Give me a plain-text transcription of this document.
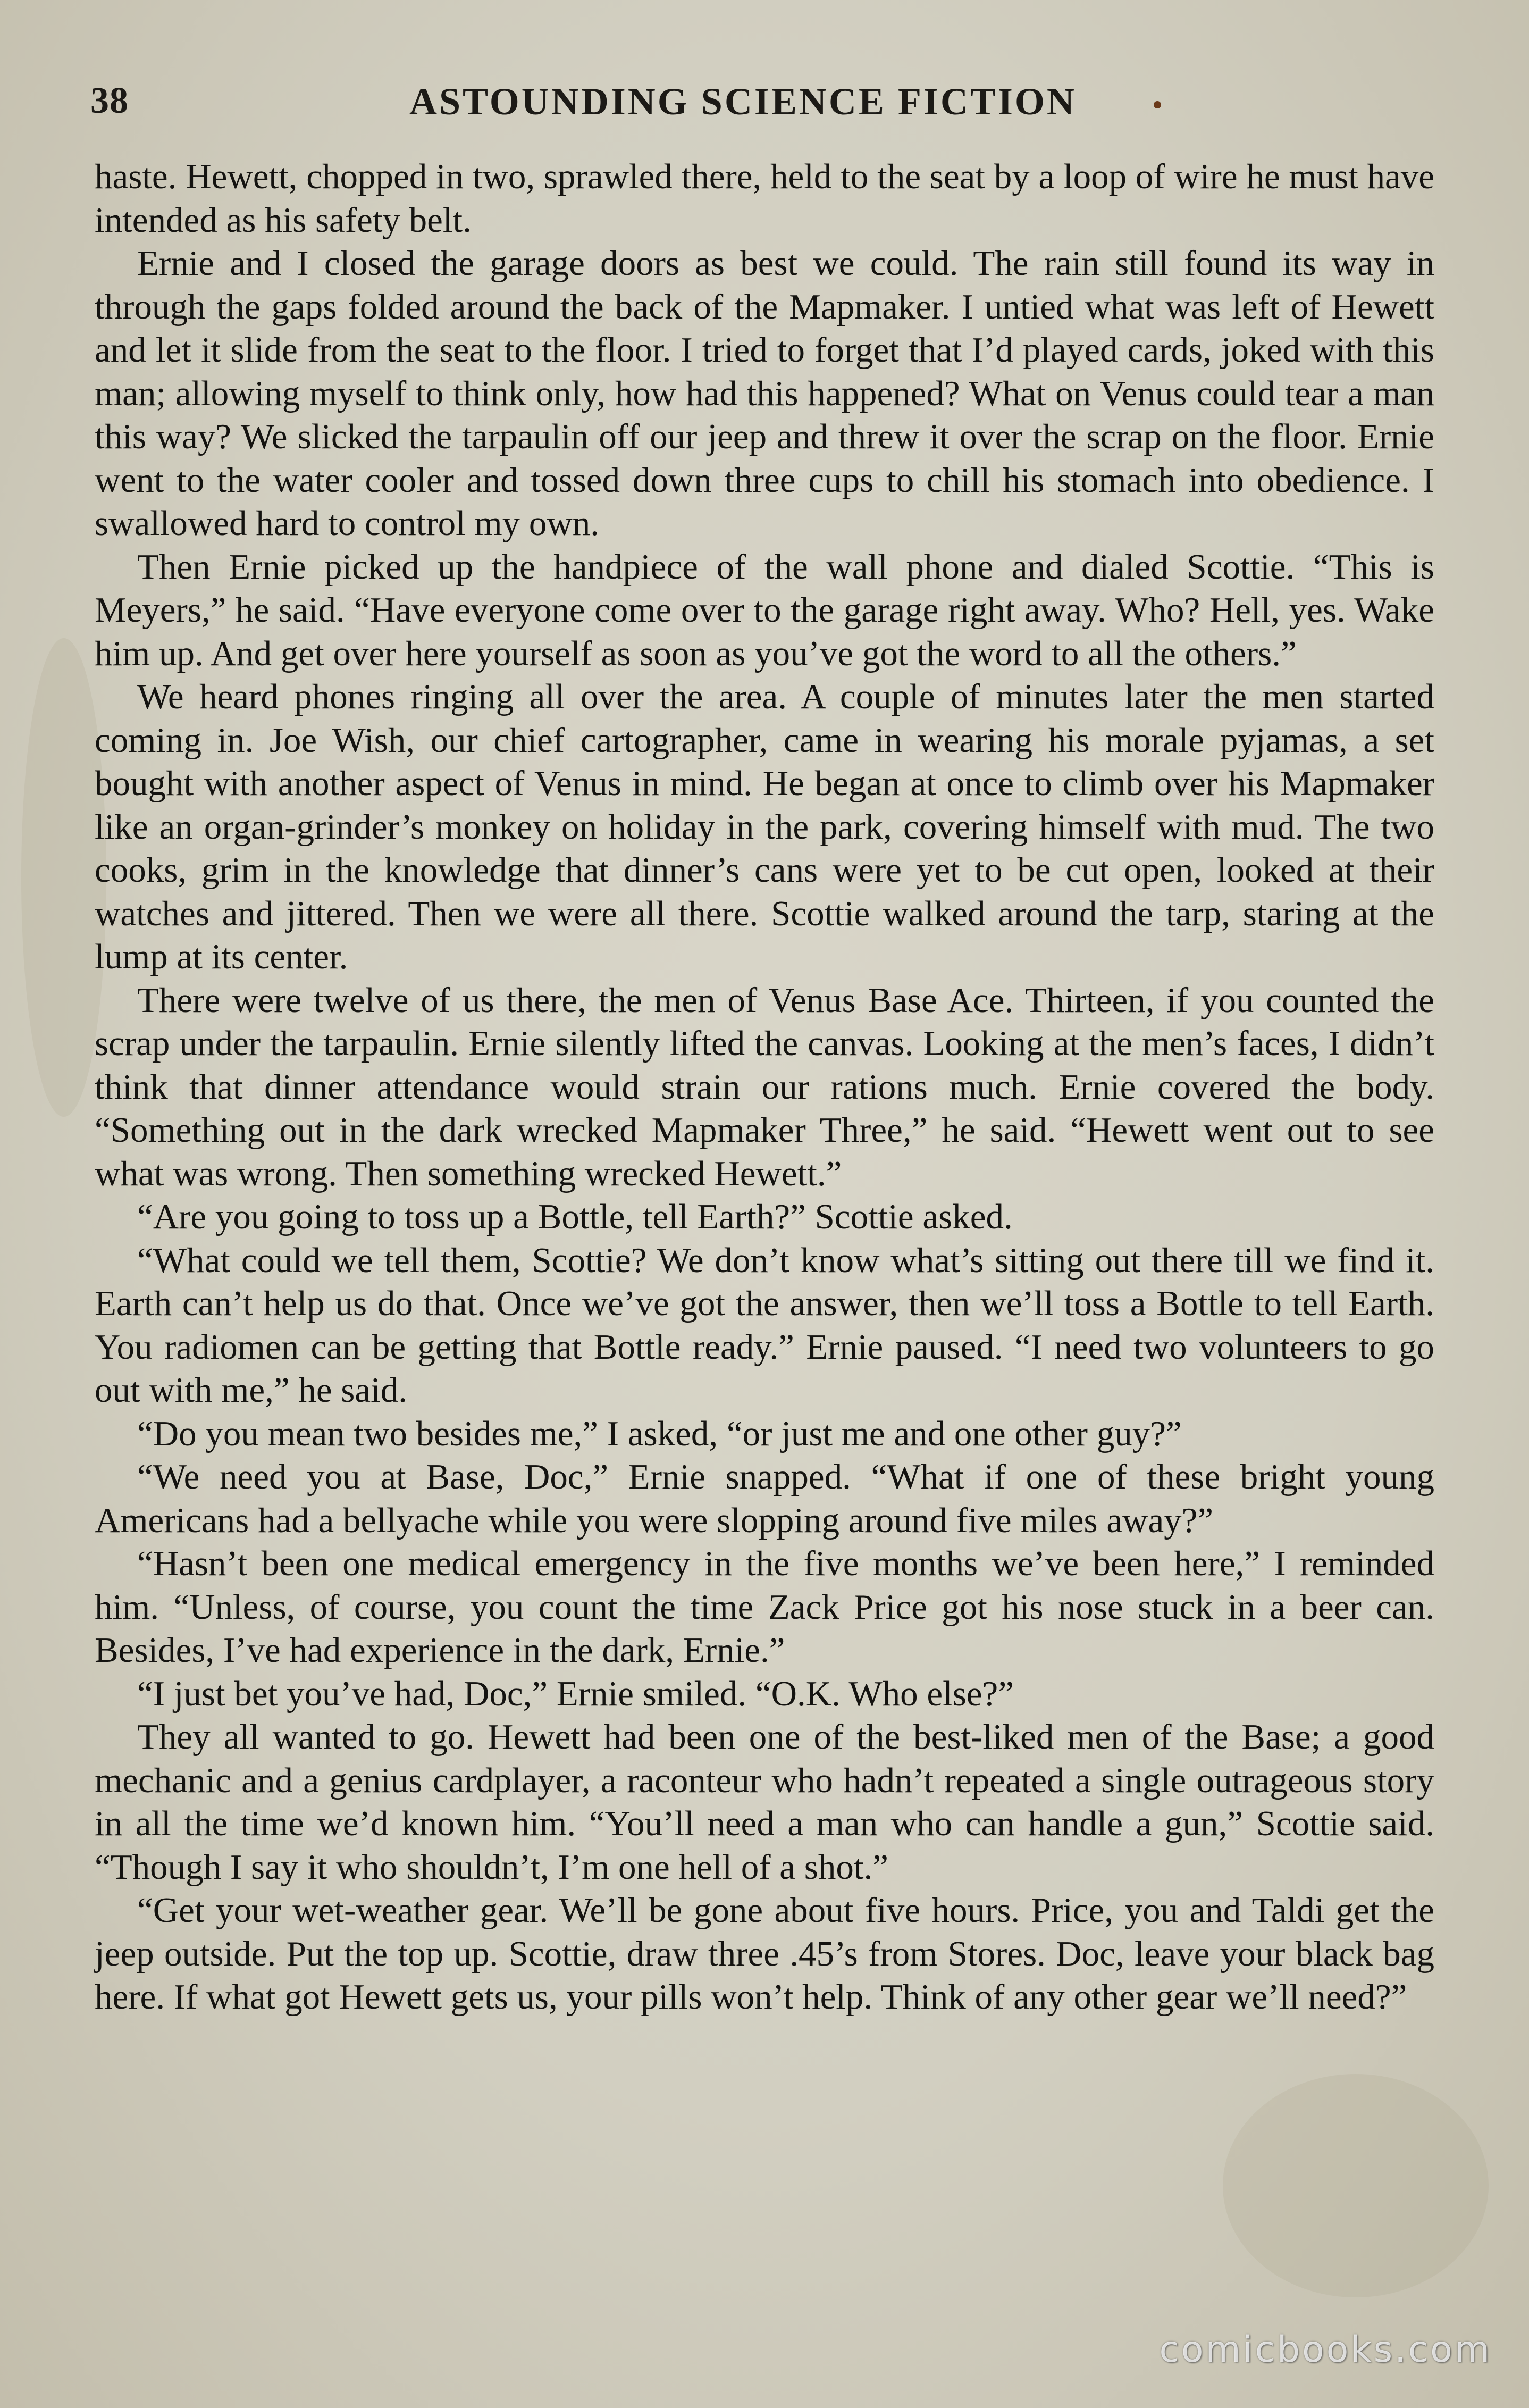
38	ASTOUNDING SCIENCE FICTION

haste. Hewett, chopped in two, sprawled there, held to the seat by a loop of wire he must have intended as his safety belt.

Ernie and I closed the garage doors as best we could. The rain still found its way in through the gaps folded around the back of the Mapmaker. I untied what was left of Hewett and let it slide from the seat to the floor. I tried to forget that I’d played cards, joked with this man; allowing myself to think only, how had this happened? What on Venus could tear a man this way? We slicked the tarpaulin off our jeep and threw it over the scrap on the floor. Ernie went to the water cooler and tossed down three cups to chill his stomach into obedience. I swallowed hard to control my own.

Then Ernie picked up the handpiece of the wall phone and dialed Scottie. “This is Meyers,” he said. “Have everyone come over to the garage right away. Who? Hell, yes. Wake him up. And get over here yourself as soon as you’ve got the word to all the others.”

We heard phones ringing all over the area. A couple of minutes later the men started coming in. Joe Wish, our chief cartographer, came in wearing his morale pyjamas, a set bought with another aspect of Venus in mind. He began at once to climb over his Mapmaker like an organ-grinder’s monkey on holiday in the park, covering himself with mud. The two cooks, grim in the knowledge that dinner’s cans were yet to be cut open, looked at their watches and jittered. Then we were all there. Scottie walked around the tarp, staring at the lump at its center.

There were twelve of us there, the men of Venus Base Ace. Thirteen, if you counted the scrap under the tarpaulin. Ernie silently lifted the canvas. Looking at the men’s faces, I didn’t think that dinner attendance would strain our rations much. Ernie covered the body. “Something out in the dark wrecked Mapmaker Three,” he said. “Hewett went out to see what was wrong. Then something wrecked Hewett.”

“Are you going to toss up a Bottle, tell Earth?” Scottie asked.

“What could we tell them, Scottie? We don’t know what’s sitting out there till we find it. Earth can’t help us do that. Once we’ve got the answer, then we’ll toss a Bottle to tell Earth. You radiomen can be getting that Bottle ready.” Ernie paused. “I need two volunteers to go out with me,” he said.

“Do you mean two besides me,” I asked, “or just me and one other guy?”

“We need you at Base, Doc,” Ernie snapped. “What if one of these bright young Americans had a bellyache while you were slopping around five miles away?”

“Hasn’t been one medical emergency in the five months we’ve been here,” I reminded him. “Unless, of course, you count the time Zack Price got his nose stuck in a beer can. Besides, I’ve had experience in the dark, Ernie.”

“I just bet you’ve had, Doc,” Ernie smiled. “O.K. Who else?”

They all wanted to go. Hewett had been one of the best-liked men of the Base; a good mechanic and a genius cardplayer, a raconteur who hadn’t repeated a single outrageous story in all the time we’d known him. “You’ll need a man who can handle a gun,” Scottie said. “Though I say it who shouldn’t, I’m one hell of a shot.”

“Get your wet-weather gear. We’ll be gone about five hours. Price, you and Taldi get the jeep outside. Put the top up. Scottie, draw three .45’s from Stores. Doc, leave your black bag here. If what got Hewett gets us, your pills won’t help. Think of any other gear we’ll need?”

comicbooks.com
